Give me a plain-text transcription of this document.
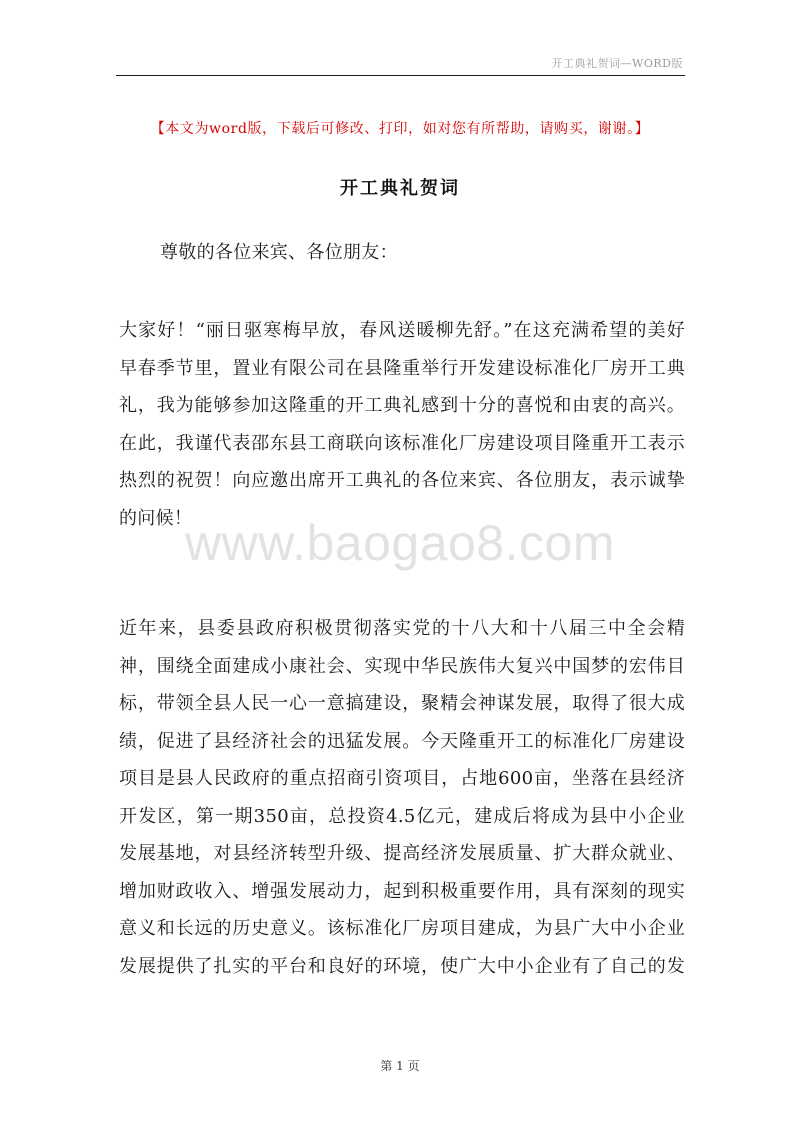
开工典礼贺词—WORD版
【本文为word版，下载后可修改、打印，如对您有所帮助，请购买，谢谢。】
开工典礼贺词
尊敬的各位来宾、各位朋友：
大家好！“丽日驱寒梅早放，春风送暖柳先舒。”在这充满希望的美好
早春季节里，置业有限公司在县隆重举行开发建设标准化厂房开工典
礼，我为能够参加这隆重的开工典礼感到十分的喜悦和由衷的高兴。
在此，我谨代表邵东县工商联向该标准化厂房建设项目隆重开工表示
热烈的祝贺！向应邀出席开工典礼的各位来宾、各位朋友，表示诚挚
的问候！
www.baogao8.com
近年来，县委县政府积极贯彻落实党的十八大和十八届三中全会精
神，围绕全面建成小康社会、实现中华民族伟大复兴中国梦的宏伟目
标，带领全县人民一心一意搞建设，聚精会神谋发展，取得了很大成
绩，促进了县经济社会的迅猛发展。今天隆重开工的标准化厂房建设
项目是县人民政府的重点招商引资项目，占地600亩，坐落在县经济
开发区，第一期350亩，总投资4.5亿元，建成后将成为县中小企业
发展基地，对县经济转型升级、提高经济发展质量、扩大群众就业、
增加财政收入、增强发展动力，起到积极重要作用，具有深刻的现实
意义和长远的历史意义。该标准化厂房项目建成，为县广大中小企业
发展提供了扎实的平台和良好的环境，使广大中小企业有了自己的发
第 1 页
